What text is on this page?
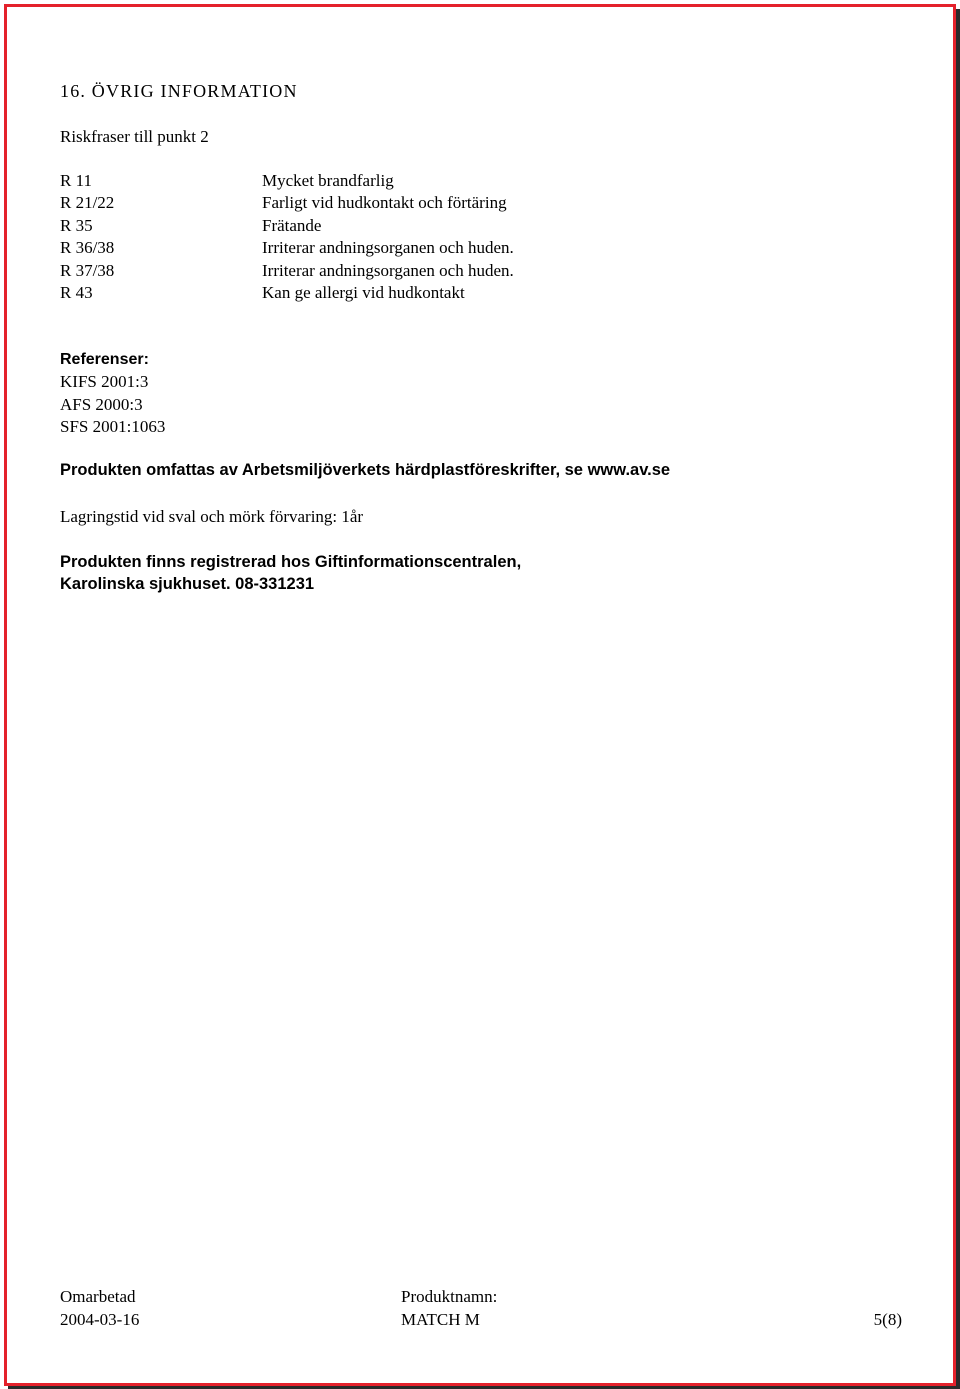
16. ÖVRIG INFORMATION
Riskfraser till punkt 2
R 11	Mycket brandfarlig
R 21/22	Farligt vid hudkontakt och förtäring
R 35	Frätande
R 36/38	Irriterar andningsorganen och huden.
R 37/38	Irriterar andningsorganen och huden.
R 43	Kan ge allergi vid hudkontakt
Referenser:
KIFS 2001:3
AFS 2000:3
SFS 2001:1063
Produkten omfattas av Arbetsmiljöverkets härdplastföreskrifter, se www.av.se
Lagringstid vid sval och mörk förvaring: 1år
Produkten finns registrerad hos Giftinformationscentralen,
Karolinska sjukhuset. 08-331231
Omarbetad
2004-03-16
Produktnamn:
MATCH M	5(8)
